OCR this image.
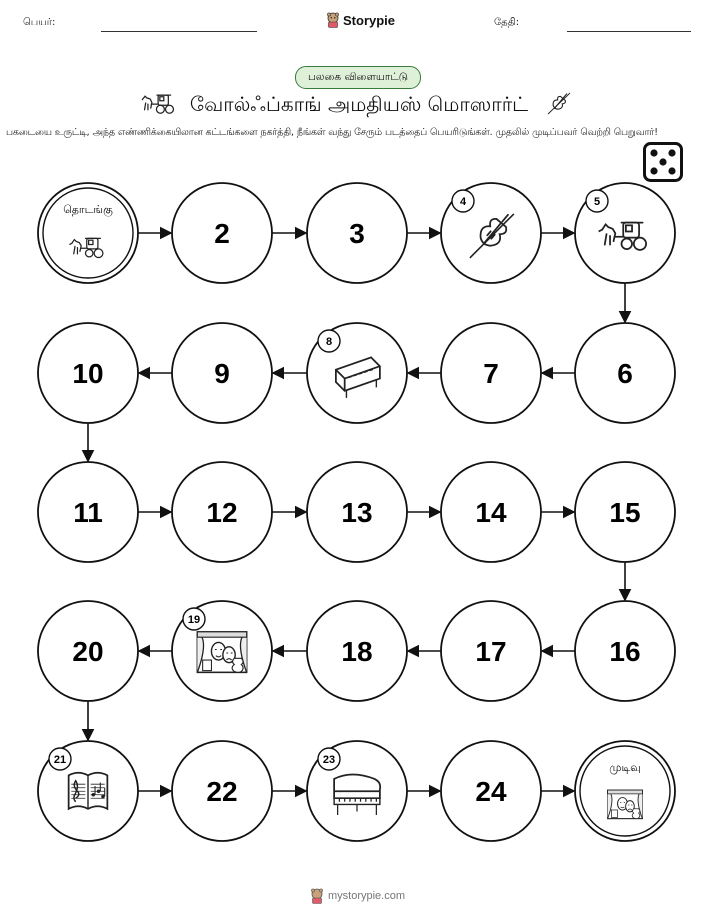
பெயர்:	Storypie	தேதி:
பலகை விளையாட்டு
வோல்ஃப்காங் அமதியஸ் மொஸார்ட்
பகடையை உருட்டி, அந்த எண்ணிக்கையிலான கட்டங்களை நகர்த்தி, நீங்கள் வந்து சேரும் படத்தைப் பெயரிடுங்கள். முதலில் முடிப்பவர் வெற்றி பெறுவார்!
தொடங்கு
2	3
4	5
6
7
8
9
10
11	12	13	14	15
16
17
18
19
20
21
22
23
24
முடிவு
mystorypie.com
